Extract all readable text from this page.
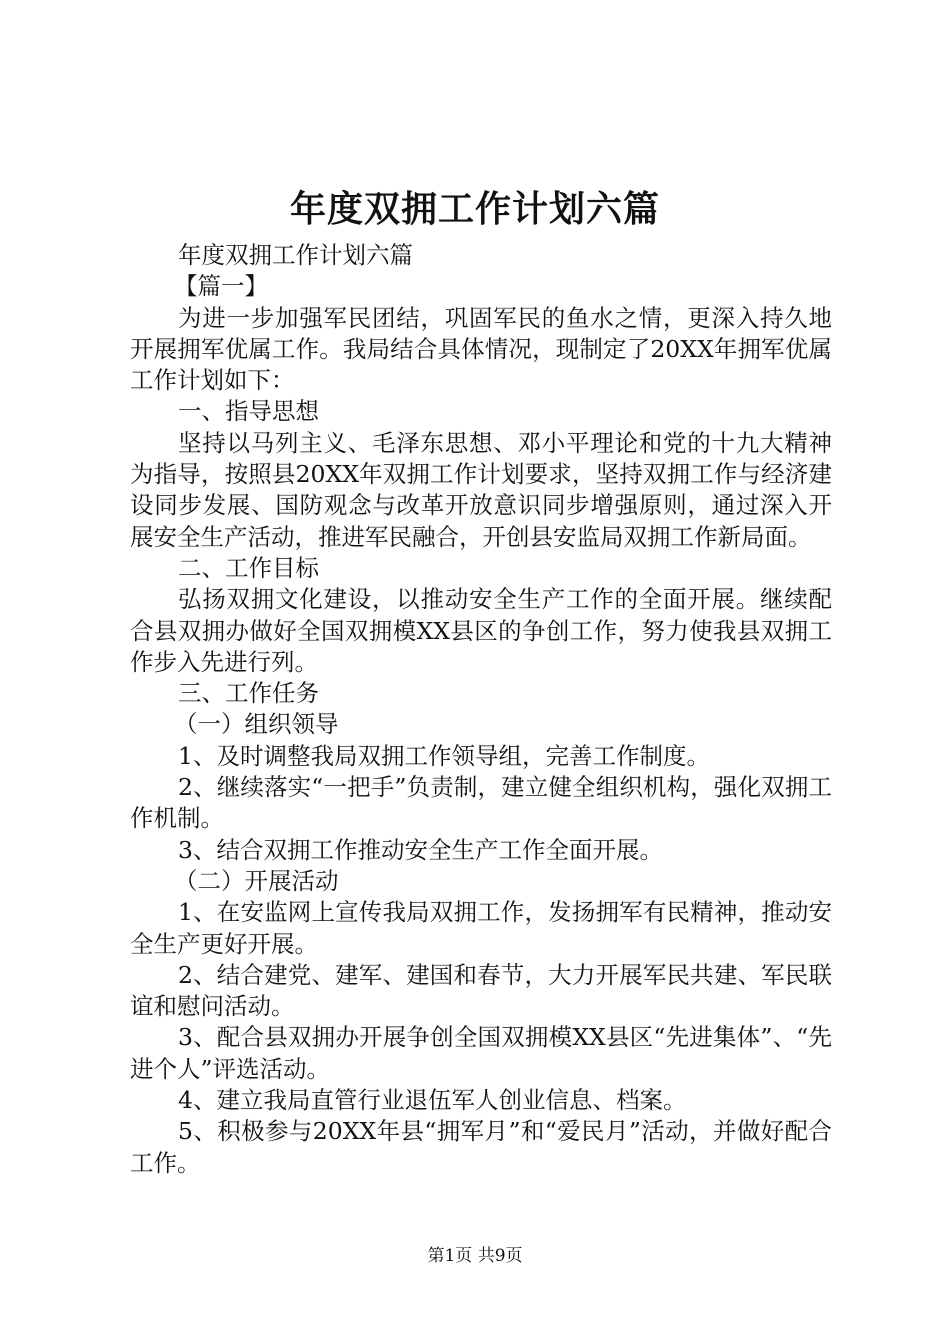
年度双拥工作计划六篇

年度双拥工作计划六篇

【篇一】

为进一步加强军民团结，巩固军民的鱼水之情，更深入持久地开展拥军优属工作。我局结合具体情况，现制定了20XX年拥军优属工作计划如下：

一、指导思想

坚持以马列主义、毛泽东思想、邓小平理论和党的十九大精神为指导，按照县20XX年双拥工作计划要求，坚持双拥工作与经济建设同步发展、国防观念与改革开放意识同步增强原则，通过深入开展安全生产活动，推进军民融合，开创县安监局双拥工作新局面。

二、工作目标

弘扬双拥文化建设，以推动安全生产工作的全面开展。继续配合县双拥办做好全国双拥模XX县区的争创工作，努力使我县双拥工作步入先进行列。

三、工作任务

（一）组织领导

1、及时调整我局双拥工作领导组，完善工作制度。

2、继续落实“一把手”负责制，建立健全组织机构，强化双拥工作机制。

3、结合双拥工作推动安全生产工作全面开展。

（二）开展活动

1、在安监网上宣传我局双拥工作，发扬拥军有民精神，推动安全生产更好开展。

2、结合建党、建军、建国和春节，大力开展军民共建、军民联谊和慰问活动。

3、配合县双拥办开展争创全国双拥模XX县区“先进集体”、“先进个人”评选活动。

4、建立我局直管行业退伍军人创业信息、档案。

5、积极参与20XX年县“拥军月”和“爱民月”活动，并做好配合工作。

第1页 共9页
